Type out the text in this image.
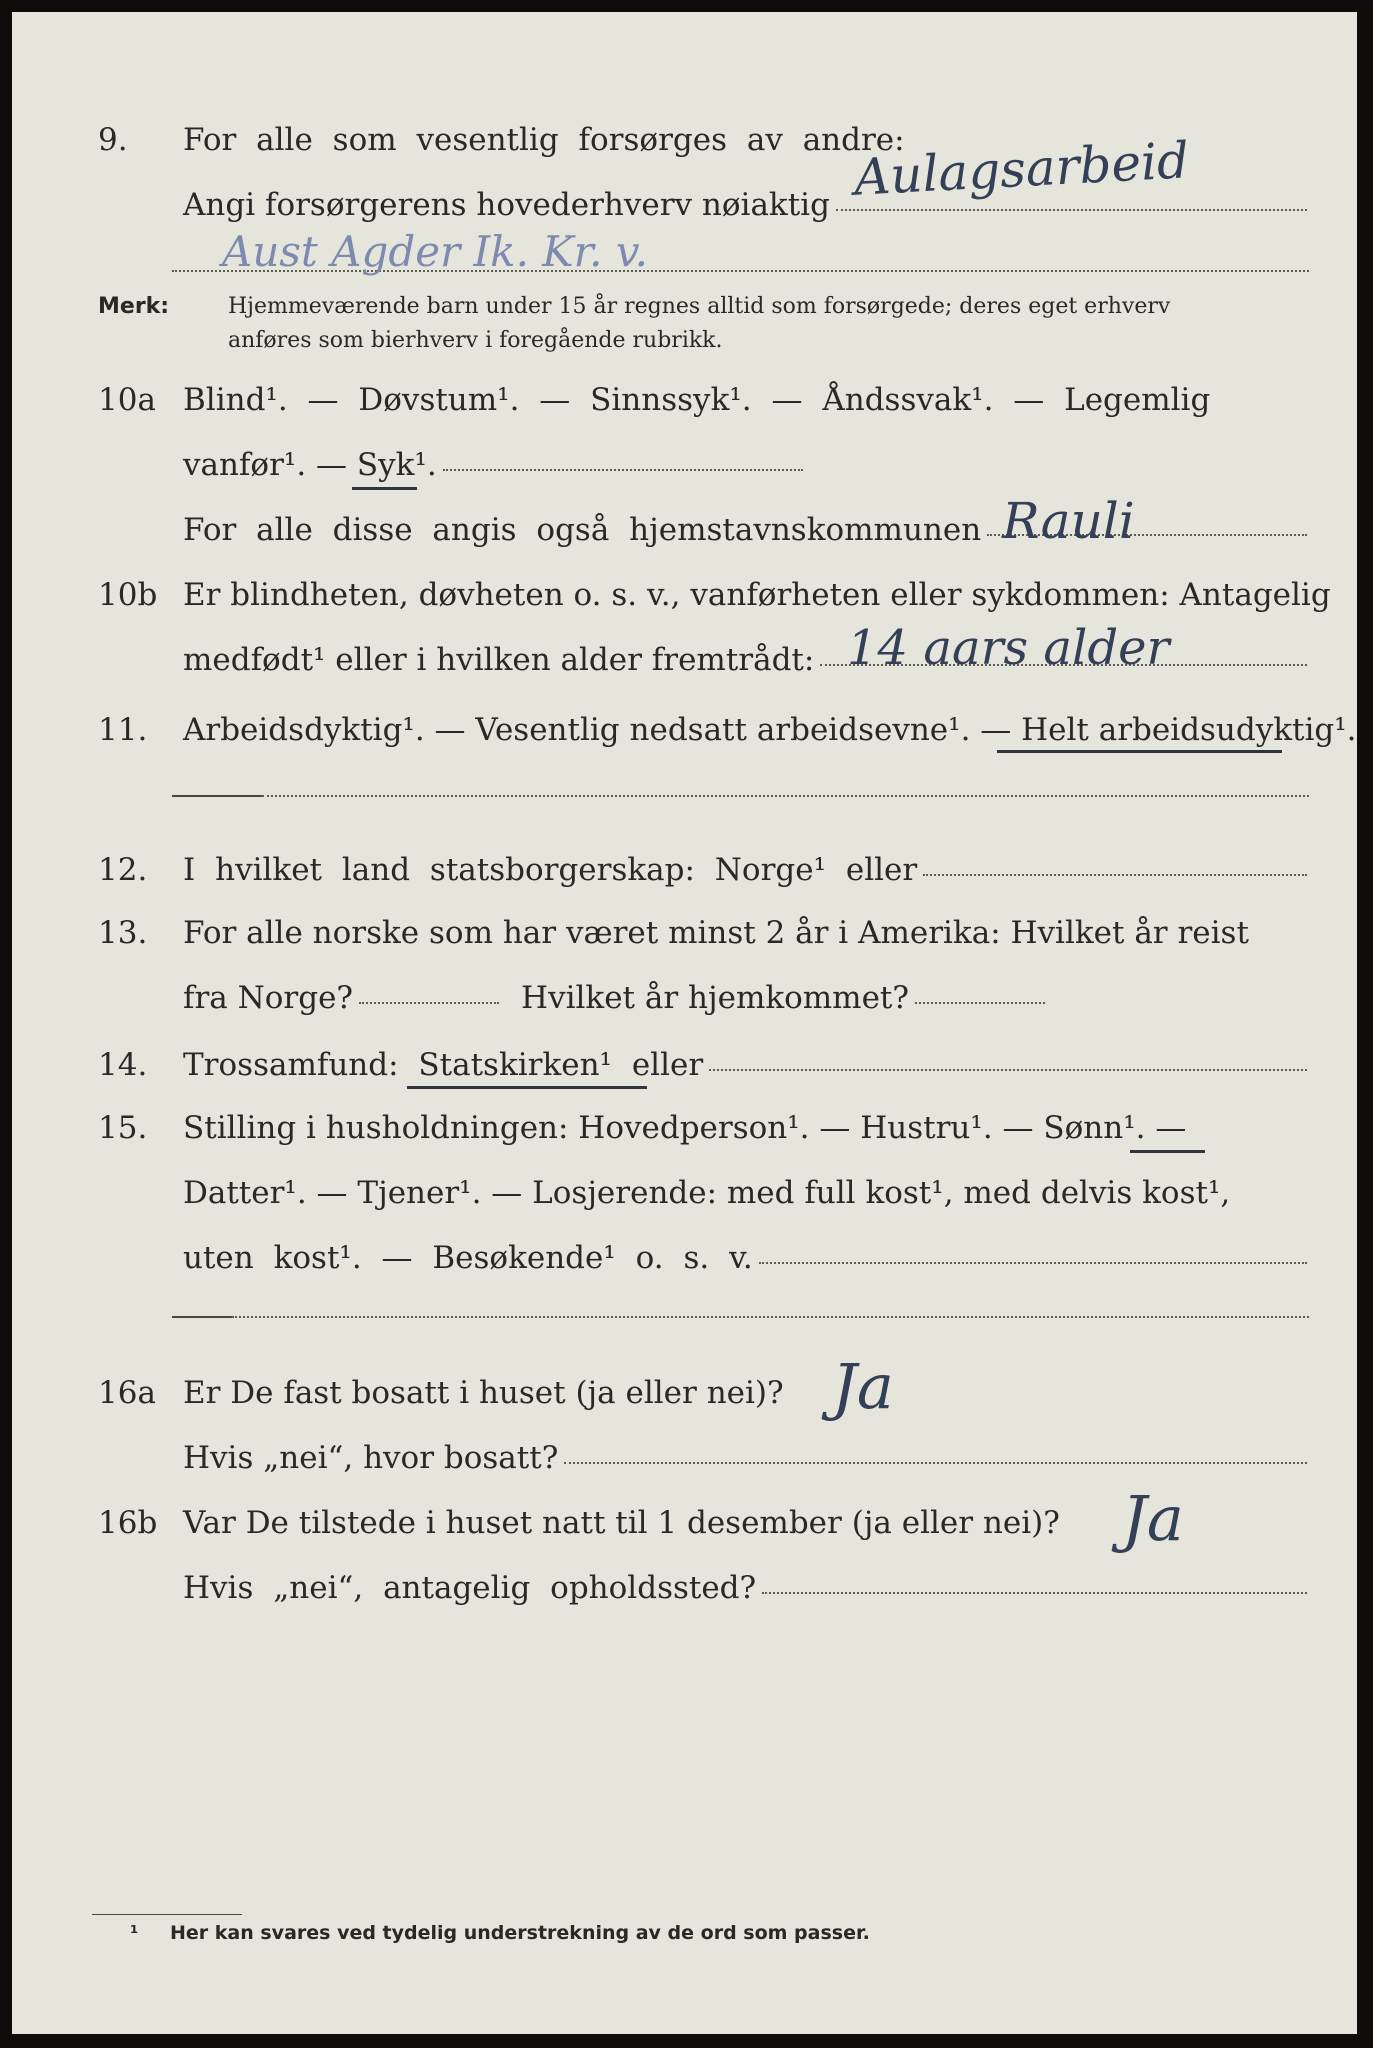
9.	For alle som vesentlig forsørges av andre:
Angi forsørgerens hovederhverv nøiaktig Aulagsarbeid
Aust Agder Ik. Kr. v.
Merk:	Hjemmeværende barn under 15 år regnes alltid som forsørgede; deres eget erhverv
anføres som bierhverv i foregående rubrikk.
10a Blind¹. — Døvstum¹. — Sinnssyk¹. — Åndssvak¹. — Legemlig
vanfør¹. — Syk¹.
For alle disse angis også hjemstavnskommunen Rauli
10b Er blindheten, døvheten o. s. v., vanførheten eller sykdommen: Antagelig
medfødt¹ eller i hvilken alder fremtrådt: 14 aars alder
11.	Arbeidsdyktig¹. — Vesentlig nedsatt arbeidsevne¹. — Helt arbeidsudyktig¹.
12.	I hvilket land statsborgerskap: Norge¹ eller
13.	For alle norske som har været minst 2 år i Amerika: Hvilket år reist
fra Norge?	Hvilket år hjemkommet?
14.	Trossamfund: Statskirken¹ eller
15.	Stilling i husholdningen: Hovedperson¹. — Hustru¹. — Sønn¹. —
Datter¹. — Tjener¹. — Losjerende: med full kost¹, med delvis kost¹,
uten kost¹. — Besøkende¹ o. s. v.
16a Er De fast bosatt i huset (ja eller nei)? Ja
Hvis „nei“, hvor bosatt?
16b Var De tilstede i huset natt til 1 desember (ja eller nei)? Ja
Hvis „nei“, antagelig opholdssted?
¹ Her kan svares ved tydelig understrekning av de ord som passer.
